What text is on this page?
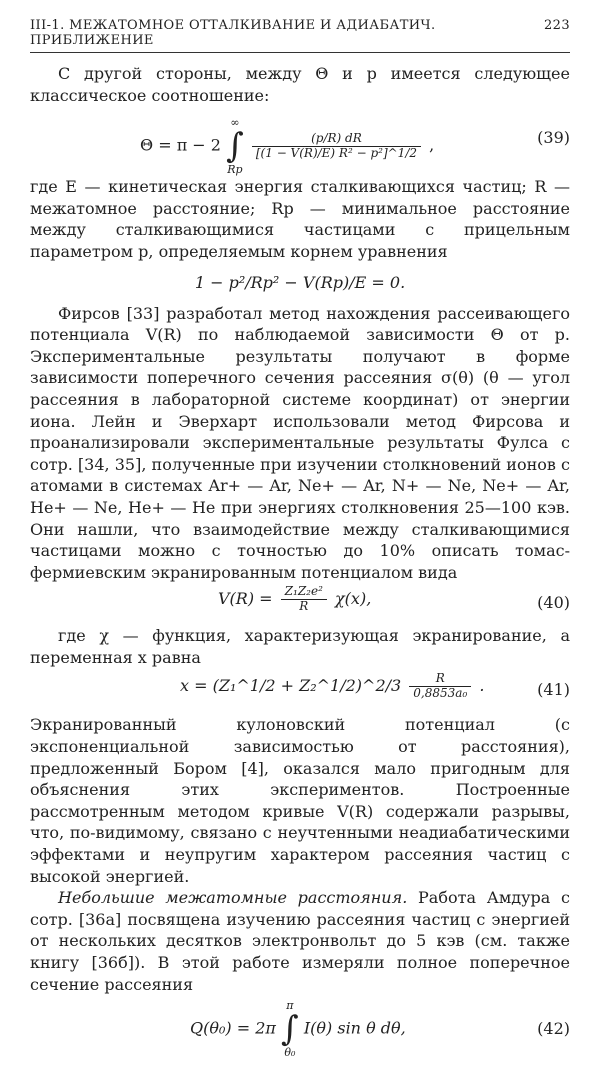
III-1. МЕЖАТОМНОЕ ОТТАЛКИВАНИЕ И АДИАБАТИЧ. ПРИБЛИЖЕНИЕ
223

С другой стороны, между Θ и p имеется следующее классическое соотношение:

Θ = π − 2
∞
∫
Rp

$\frac{(p/R) dR}{\text{[(1 − V(R)/E) R² − p²]\textasciicircum{}1/2}}$ ,	(39)

где E — кинетическая энергия сталкивающихся частиц; R —межатомное расстояние; Rp — минимальное расстояние между сталкивающимися частицами с прицельным параметром p, определяемым корнем уравнения

1 − p²/Rp² − V(Rp)/E = 0.

Фирсов [33] разработал метод нахождения рассеивающего потенциала V(R) по наблюдаемой зависимости Θ от p. Экспериментальные результаты получают в форме зависимости поперечного сечения рассеяния σ(θ) (θ — угол рассеяния в лабораторной системе координат) от энергии иона. Лейн и Эверхарт использовали метод Фирсова и проанализировали экспериментальные результаты Фулса с сотр. [34, 35], полученные при изучении столкновений ионов с атомами в системах Ar+ — Ar, Ne+ — Ar, N+ — Ne, Ne+ — Ar, He+ — Ne, He+ — He при энергиях столкновения 25—100 кэв. Они нашли, что взаимодействие между сталкивающимися частицами можно с точностью до 10% описать томас-фермиевским экранированным потенциалом вида

$V(R) = \frac{\text{Z₁Z₂e²}}{R} \chi(x)$,	(40)

где χ — функция, характеризующая экранирование, а переменная x равна

x = (Z₁^1/2 + Z₂^1/2)^2/3 $\frac{R}{\text{0,8853a₀}}$ .	(41)

Экранированный кулоновский потенциал (с экспоненциальной зависимостью от расстояния), предложенный Бором [4], оказался мало пригодным для объяснения этих экспериментов. Построенные рассмотренным методом кривые V(R) содержали разрывы, что, по-видимому, связано с неучтенными неадиабатическими эффектами и неупругим характером рассеяния частиц с высокой энергией.

Небольшие межатомные расстояния. Работа Амдура с сотр. [36a] посвящена изучению рассеяния частиц с энергией от нескольких десятков электронвольт до 5 кэв (см. также книгу [36б]). В этой работе измеряли полное поперечное сечение рассеяния

Q(θ₀) = 2π
π
∫
θ₀
I(θ) sin θ dθ,	(42)
